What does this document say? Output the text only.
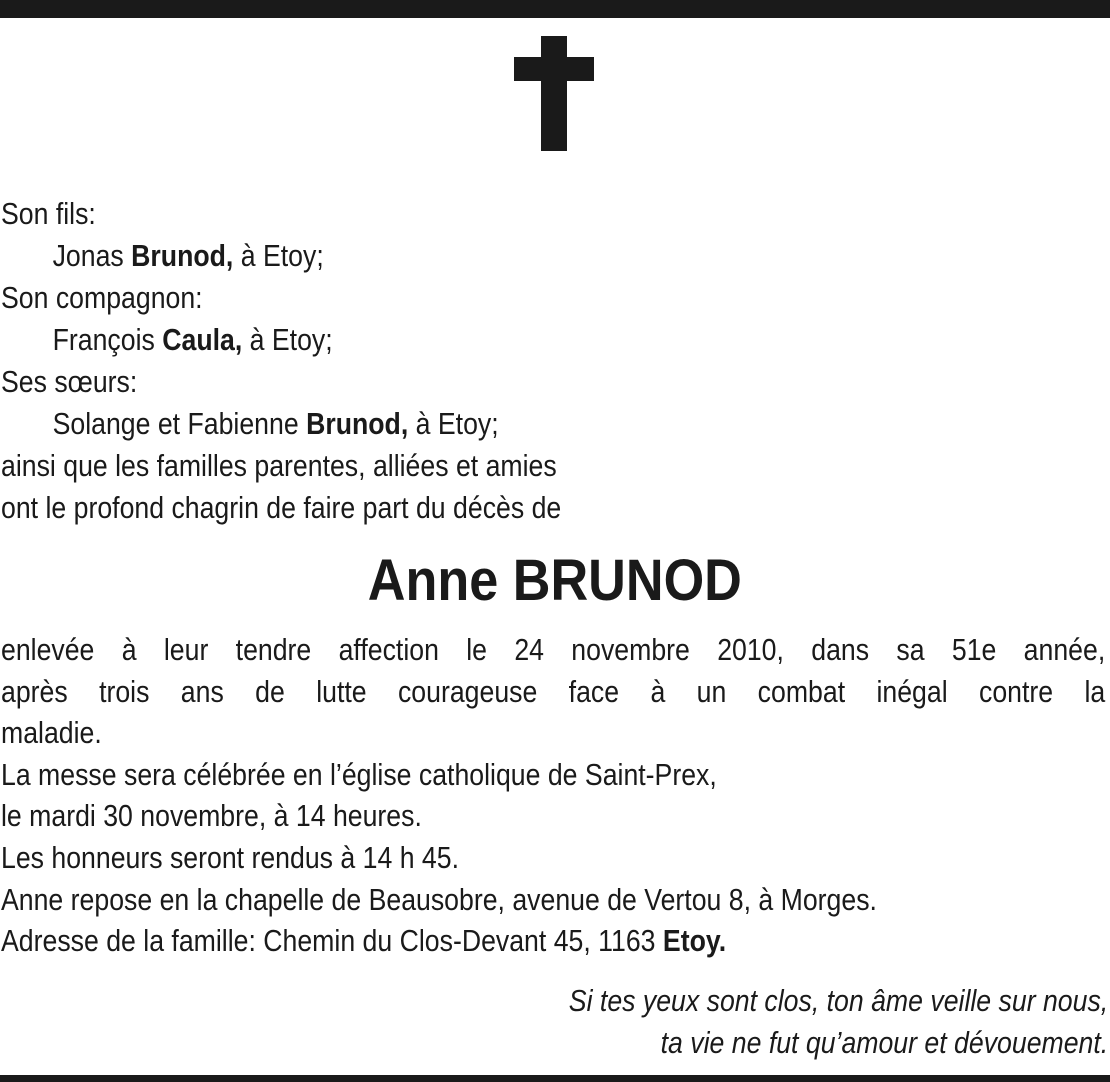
Son fils:
Jonas Brunod, à Etoy;
Son compagnon:
François Caula, à Etoy;
Ses sœurs:
Solange et Fabienne Brunod, à Etoy;
ainsi que les familles parentes, alliées et amies
ont le profond chagrin de faire part du décès de
Anne BRUNOD
enlevée à leur tendre affection le 24 novembre 2010, dans sa 51e année,
après trois ans de lutte courageuse face à un combat inégal contre la
maladie.
La messe sera célébrée en l’église catholique de Saint-Prex,
le mardi 30 novembre, à 14 heures.
Les honneurs seront rendus à 14 h 45.
Anne repose en la chapelle de Beausobre, avenue de Vertou 8, à Morges.
Adresse de la famille: Chemin du Clos-Devant 45, 1163 Etoy.
Si tes yeux sont clos, ton âme veille sur nous,
ta vie ne fut qu’amour et dévouement.
